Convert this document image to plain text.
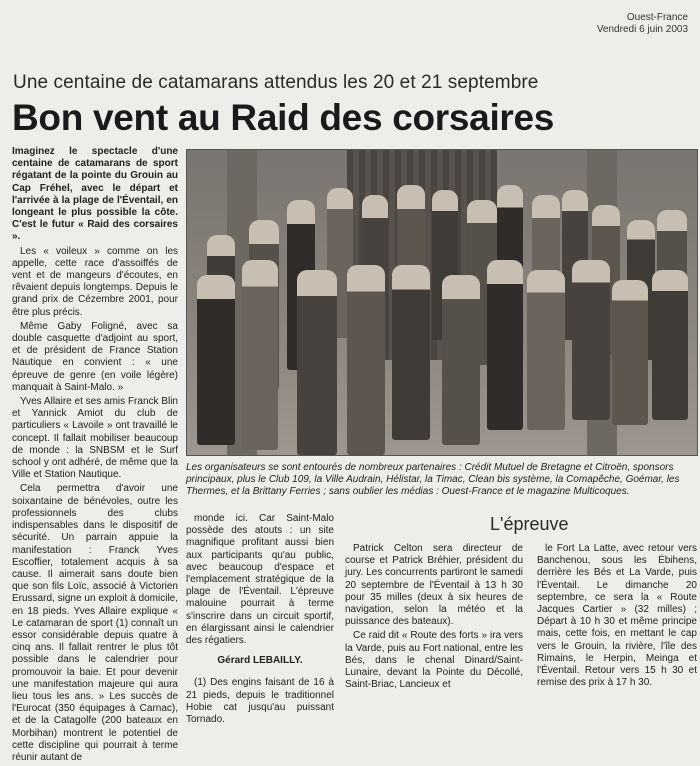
Ouest-France
Vendredi 6 juin 2003
Une centaine de catamarans attendus les 20 et 21 septembre
Bon vent au Raid des corsaires

Imaginez le spectacle d'une centaine de catamarans de sport régatant de la pointe du Grouin au Cap Fréhel, avec le départ et l'arrivée à la plage de l'Éventail, en longeant le plus possible la côte. C'est le futur « Raid des corsaires ».

Les « voileux » comme on les appelle, cette race d'assoiffés de vent et de mangeurs d'écoutes, en rêvaient depuis longtemps. Depuis le grand prix de Cézembre 2001, pour être plus précis.

Même Gaby Foligné, avec sa double casquette d'adjoint au sport, et de président de France Station Nautique en convient : « une épreuve de genre (en voile légère) manquait à Saint-Malo. »

Yves Allaire et ses amis Franck Blin et Yannick Amiot du club de particuliers « Lavoile » ont travaillé le concept. Il fallait mobiliser beaucoup de monde : la SNBSM et le Surf school y ont adhéré, de même que la Ville et Station Nautique.

Cela permettra d'avoir une soixantaine de bénévoles, outre les professionnels des clubs indispensables dans le dispositif de sécurité. Un parrain appuie la manifestation : Franck Yves Escoffier, totalement acquis à sa cause. Il aimerait sans doute bien que son fils Loïc, associé à Victorien Erussard, signe un exploit à domicile, en 18 pieds. Yves Allaire explique « Le catamaran de sport (1) connaît un essor considérable depuis quatre à cinq ans. Il fallait rentrer le plus tôt possible dans le calendrier pour promouvoir la baie. Et pour devenir une manifestation majeure qui aura lieu tous les ans. » Les succès de l'Eurocat (350 équipages à Carnac), et de la Catagolfe (200 bateaux en Morbihan) montrent le potentiel de cette discipline qui pourrait à terme réunir autant de

Les organisateurs se sont entourés de nombreux partenaires : Crédit Mutuel de Bretagne et Citroën, sponsors principaux, plus le Club 109, la Ville Audrain, Hélistar, la Timac, Clean bis système, la Comapêche, Goémar, les Thermes, et la Brittany Ferries ; sans oublier les médias : Ouest-France et le magazine Multicoques.

monde ici. Car Saint-Malo possède des atouts : un site magnifique profitant aussi bien aux participants qu'au public, avec beaucoup d'espace et l'emplacement stratégique de la plage de l'Éventail. L'épreuve malouine pourrait à terme s'inscrire dans un circuit sportif, en élargissant ainsi le calendrier des régatiers.

Gérard LEBAILLY.

(1) Des engins faisant de 16 à 21 pieds, depuis le traditionnel Hobie cat jusqu'au puissant Tornado.

L'épreuve

Patrick Celton sera directeur de course et Patrick Bréhier, président du jury. Les concurrents partiront le samedi 20 septembre de l'Éventail à 13 h 30 pour 35 milles (deux à six heures de navigation, selon la météo et la puissance des bateaux).

Ce raid dit « Route des forts » ira vers la Varde, puis au Fort national, entre les Bés, dans le chenal Dinard/Saint-Lunaire, devant la Pointe du Décollé, Saint-Briac, Lancieux et

le Fort La Latte, avec retour vers Banchenou, sous les Ébihens, derrière les Bés et La Varde, puis l'Éventail. Le dimanche 20 septembre, ce sera la « Route Jacques Cartier » (32 milles) ; Départ à 10 h 30 et même principe mais, cette fois, en mettant le cap vers le Grouin, la rivière, l'île des Rimains, le Herpin, Meinga et l'Éventail. Retour vers 15 h 30 et remise des prix à 17 h 30.
